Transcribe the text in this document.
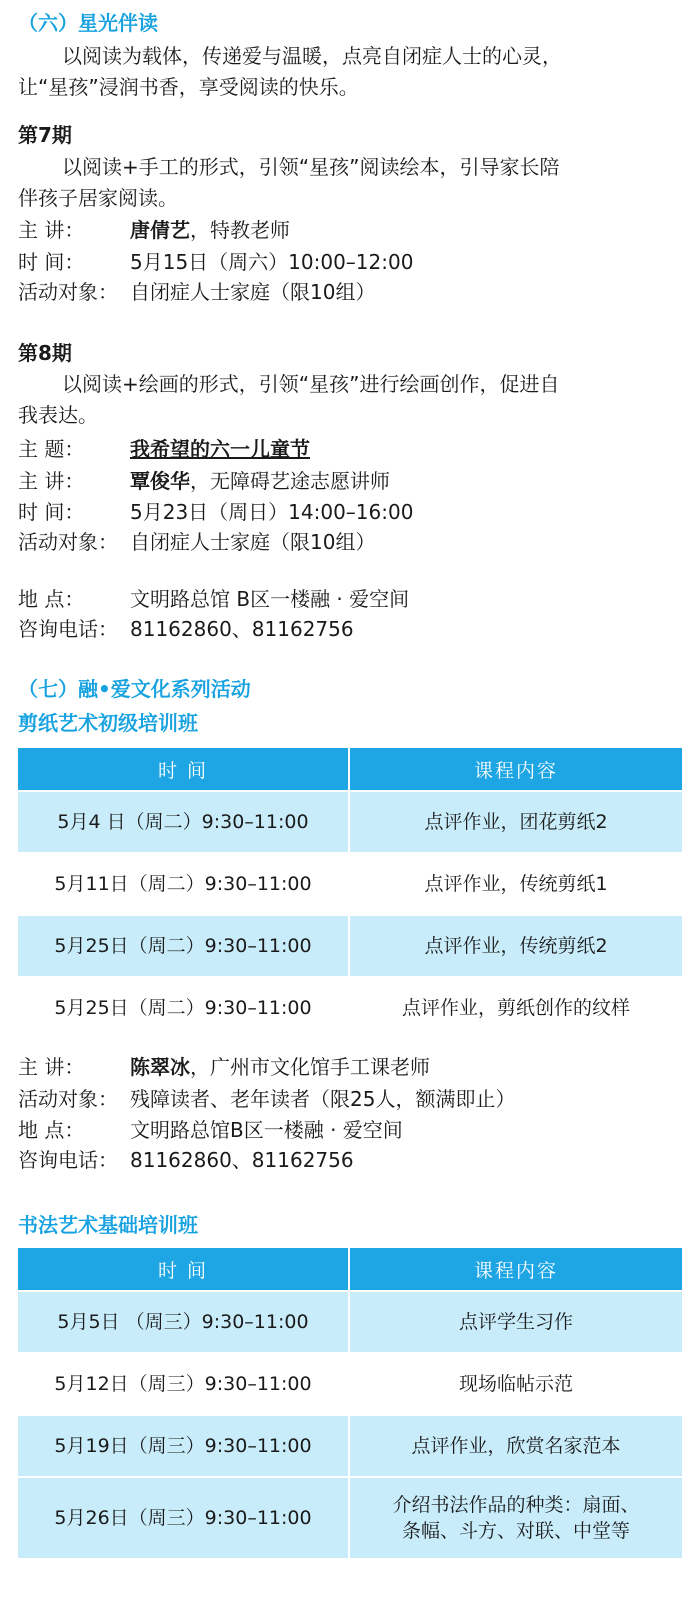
（六）星光伴读
以阅读为载体，传递爱与温暖，点亮自闭症人士的心灵，
让“星孩”浸润书香，享受阅读的快乐。
第7期
以阅读+手工的形式，引领“星孩”阅读绘本，引导家长陪
伴孩子居家阅读。
主 讲：	唐倩艺，特教老师
时 间：	5月15日（周六）10:00–12:00
活动对象： 自闭症人士家庭（限10组）
第8期
以阅读+绘画的形式，引领“星孩”进行绘画创作，促进自
我表达。
主 题：	我希望的六一儿童节
主 讲：	覃俊华，无障碍艺途志愿讲师
时 间：	5月23日（周日）14:00–16:00
活动对象： 自闭症人士家庭（限10组）
地 点：	文明路总馆 B区一楼融 · 爱空间
咨询电话： 81162860、81162756
（七）融•爱文化系列活动
剪纸艺术初级培训班
时 间	课程内容
5月4 日（周二）9:30–11:00	点评作业，团花剪纸2
5月11日（周二）9:30–11:00	点评作业，传统剪纸1
5月25日（周二）9:30–11:00	点评作业，传统剪纸2
5月25日（周二）9:30–11:00	点评作业，剪纸创作的纹样
主 讲：	陈翠冰，广州市文化馆手工课老师
活动对象： 残障读者、老年读者（限25人，额满即止）
地 点：	文明路总馆B区一楼融 · 爱空间
咨询电话： 81162860、81162756
书法艺术基础培训班
时 间	课程内容
5月5日 （周三）9:30–11:00	点评学生习作
5月12日（周三）9:30–11:00	现场临帖示范
5月19日（周三）9:30–11:00	点评作业，欣赏名家范本
5月26日（周三）9:30–11:00	介绍书法作品的种类：扇面、
条幅、斗方、对联、中堂等
